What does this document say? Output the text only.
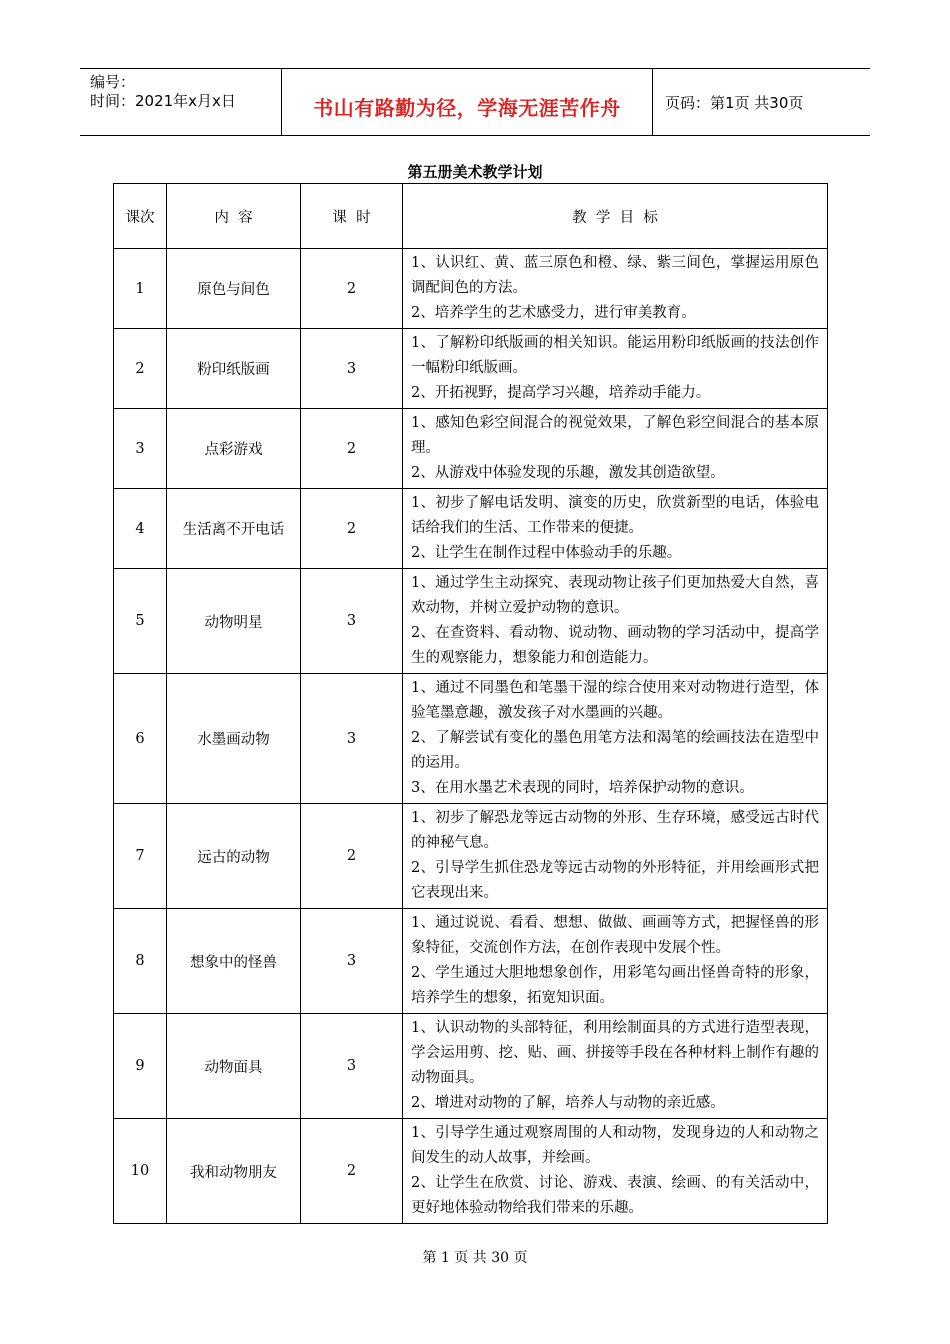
编号：
时间：2021年x月x日	书山有路勤为径，学海无涯苦作舟	页码：第1页 共30页
第五册美术教学计划
课次	内  容	课  时	教  学  目  标
1	原色与间色	2	1、认识红、黄、蓝三原色和橙、绿、紫三间色，掌握运用原色调配间色的方法。
2、培养学生的艺术感受力，进行审美教育。

2	粉印纸版画	3	1、了解粉印纸版画的相关知识。能运用粉印纸版画的技法创作一幅粉印纸版画。
2、开拓视野，提高学习兴趣，培养动手能力。

3	点彩游戏	2	1、感知色彩空间混合的视觉效果，了解色彩空间混合的基本原理。
2、从游戏中体验发现的乐趣，激发其创造欲望。

4	生活离不开电话	2	1、初步了解电话发明、演变的历史，欣赏新型的电话，体验电话给我们的生活、工作带来的便捷。
2、让学生在制作过程中体验动手的乐趣。

5	动物明星	3	1、通过学生主动探究、表现动物让孩子们更加热爱大自然，喜欢动物，并树立爱护动物的意识。
2、在查资料、看动物、说动物、画动物的学习活动中，提高学生的观察能力，想象能力和创造能力。

6	水墨画动物	3	1、通过不同墨色和笔墨干湿的综合使用来对动物进行造型，体验笔墨意趣，激发孩子对水墨画的兴趣。
2、了解尝试有变化的墨色用笔方法和渴笔的绘画技法在造型中的运用。
3、在用水墨艺术表现的同时，培养保护动物的意识。

7	远古的动物	2	1、初步了解恐龙等远古动物的外形、生存环境，感受远古时代的神秘气息。
2、引导学生抓住恐龙等远古动物的外形特征，并用绘画形式把它表现出来。

8	想象中的怪兽	3	1、通过说说、看看、想想、做做、画画等方式，把握怪兽的形象特征，交流创作方法，在创作表现中发展个性。
2、学生通过大胆地想象创作，用彩笔勾画出怪兽奇特的形象，培养学生的想象，拓宽知识面。

9	动物面具	3	1、认识动物的头部特征，利用绘制面具的方式进行造型表现，学会运用剪、挖、贴、画、拼接等手段在各种材料上制作有趣的动物面具。
2、增进对动物的了解，培养人与动物的亲近感。

10	我和动物朋友	2	1、引导学生通过观察周围的人和动物，发现身边的人和动物之间发生的动人故事，并绘画。
2、让学生在欣赏、讨论、游戏、表演、绘画、的有关活动中，更好地体验动物给我们带来的乐趣。
第 1 页 共 30 页
